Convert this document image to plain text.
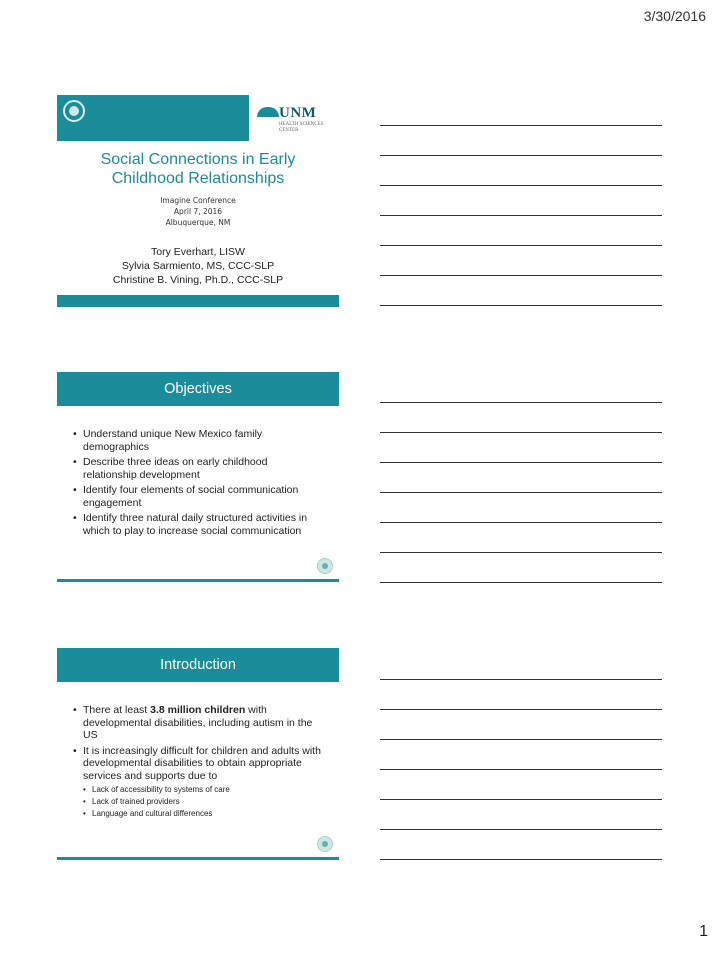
3/30/2016
UNM
HEALTH SCIENCES CENTER
Social Connections in Early
Childhood Relationships
Imagine Conference
April 7, 2016
Albuquerque, NM
Tory Everhart, LISW
Sylvia Sarmiento, MS, CCC-SLP
Christine B. Vining, Ph.D., CCC-SLP
Objectives
• Understand unique New Mexico family demographics
• Describe three ideas on early childhood relationship development
• Identify four elements of social communication engagement
• Identify three natural daily structured activities in which to play to increase social communication
Introduction
• There at least 3.8 million children with developmental disabilities, including autism in the US
• It is increasingly difficult for children and adults with developmental disabilities to obtain appropriate services and supports due to
• Lack of accessibility to systems of care
• Lack of trained providers
• Language and cultural differences
1
